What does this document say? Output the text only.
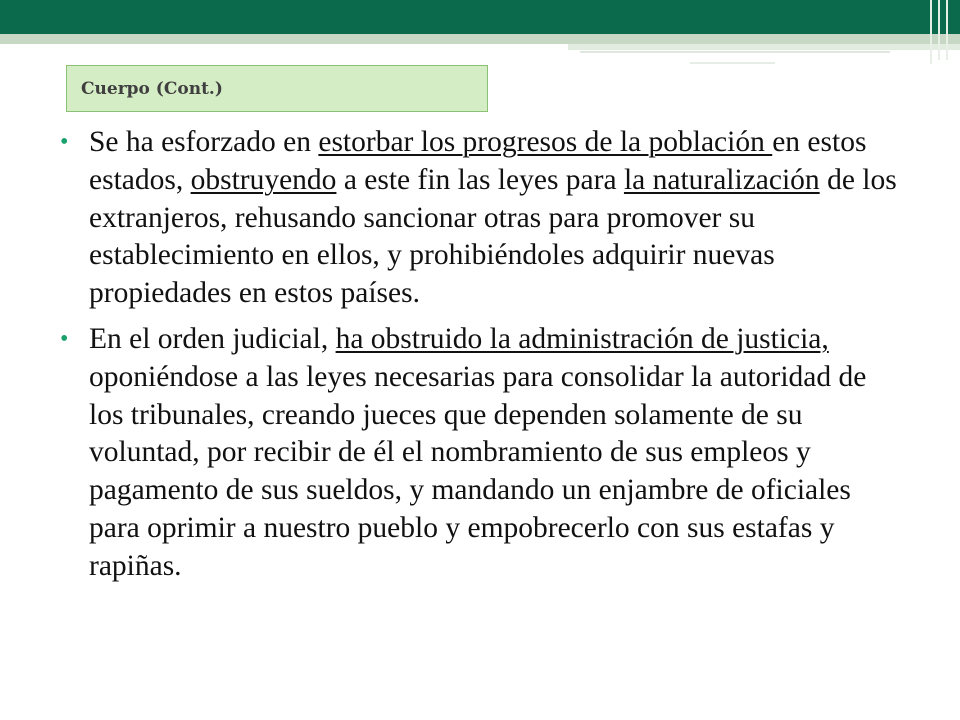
Cuerpo (Cont.)
• Se ha esforzado en estorbar los progresos de la población en estos estados, obstruyendo a este fin las leyes para la naturalización de los extranjeros, rehusando sancionar otras para promover su establecimiento en ellos, y prohibiéndoles adquirir nuevas propiedades en estos países.
• En el orden judicial, ha obstruido la administración de justicia, oponiéndose a las leyes necesarias para consolidar la autoridad de los tribunales, creando jueces que dependen solamente de su voluntad, por recibir de él el nombramiento de sus empleos y pagamento de sus sueldos, y mandando un enjambre de oficiales para oprimir a nuestro pueblo y empobrecerlo con sus estafas y rapiñas.
